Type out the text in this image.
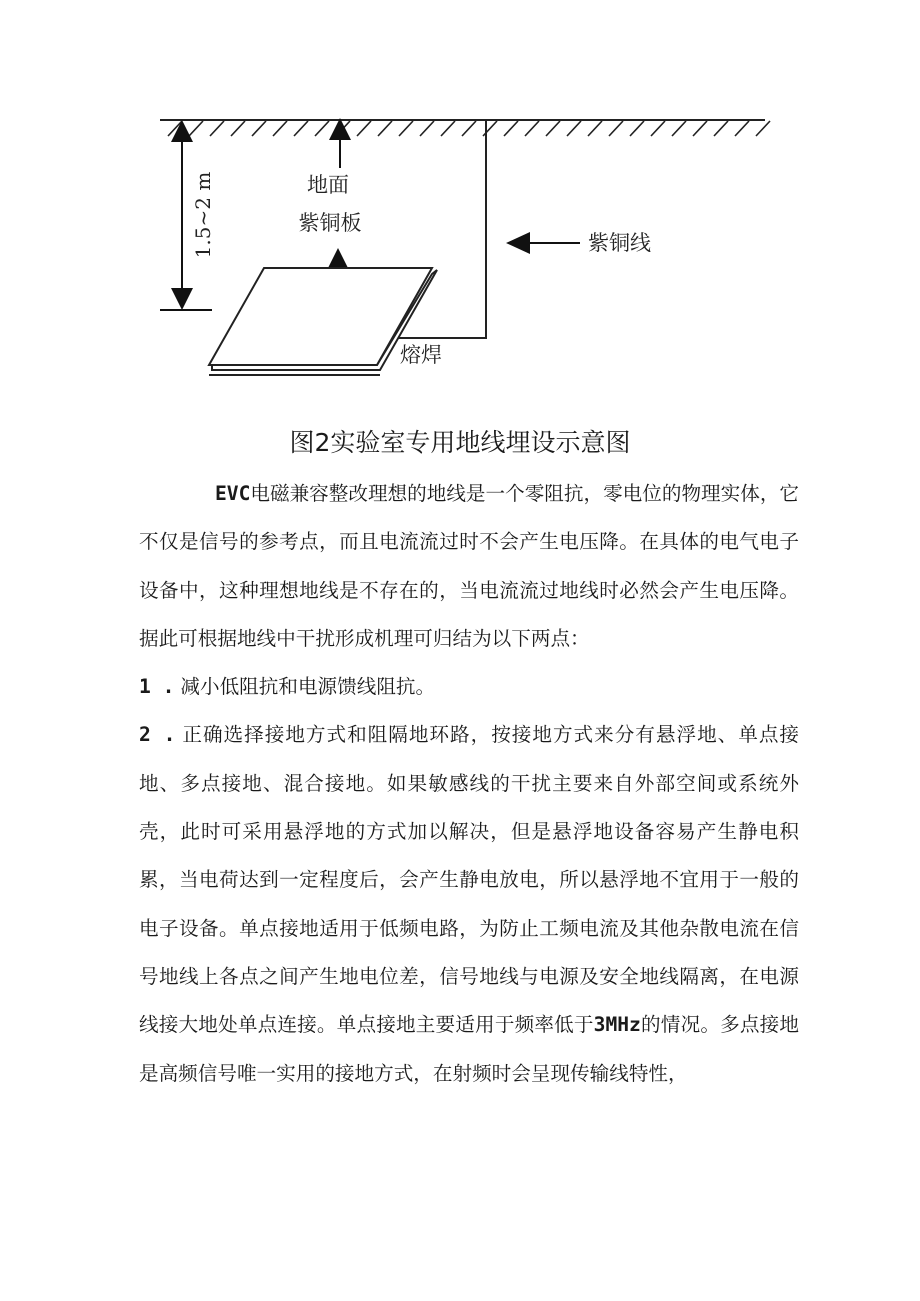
1.5~2 m	地面
紫铜板
紫铜线
熔焊
图2实验室专用地线埋设示意图

EVC电磁兼容整改理想的地线是一个零阻抗，零电位的物理实体，它不仅是信号的参考点，而且电流流过时不会产生电压降。在具体的电气电子设备中，这种理想地线是不存在的，当电流流过地线时必然会产生电压降。据此可根据地线中干扰形成机理可归结为以下两点：

1 . 减小低阻抗和电源馈线阻抗。

2 . 正确选择接地方式和阻隔地环路，按接地方式来分有悬浮地、单点接地、多点接地、混合接地。如果敏感线的干扰主要来自外部空间或系统外壳，此时可采用悬浮地的方式加以解决，但是悬浮地设备容易产生静电积累，当电荷达到一定程度后，会产生静电放电，所以悬浮地不宜用于一般的电子设备。单点接地适用于低频电路，为防止工频电流及其他杂散电流在信号地线上各点之间产生地电位差，信号地线与电源及安全地线隔离，在电源线接大地处单点连接。单点接地主要适用于频率低于3MHz的情况。多点接地是高频信号唯一实用的接地方式，在射频时会呈现传输线特性，
